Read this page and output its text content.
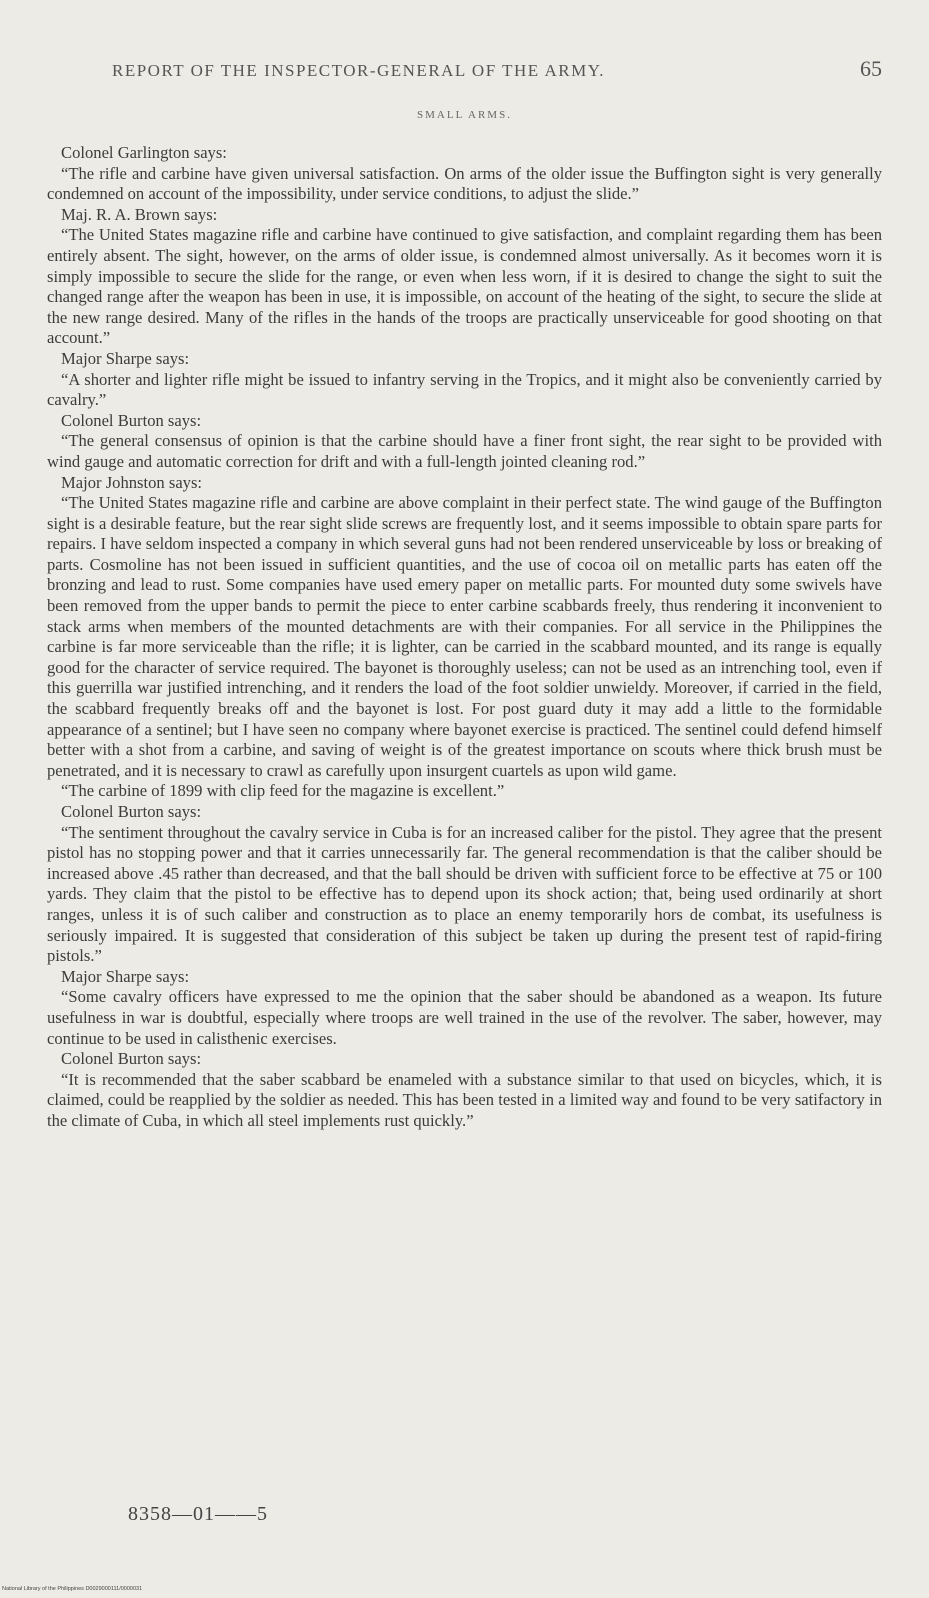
REPORT OF THE INSPECTOR-GENERAL OF THE ARMY.	65
SMALL ARMS.

Colonel Garlington says:

“The rifle and carbine have given universal satisfaction. On arms of the older issue the Buffington sight is very generally condemned on account of the impossibility, under service conditions, to adjust the slide.”

Maj. R. A. Brown says:

“The United States magazine rifle and carbine have continued to give satisfaction, and complaint regarding them has been entirely absent. The sight, however, on the arms of older issue, is condemned almost universally. As it becomes worn it is simply impossible to secure the slide for the range, or even when less worn, if it is desired to change the sight to suit the changed range after the weapon has been in use, it is impossible, on account of the heating of the sight, to secure the slide at the new range desired. Many of the rifles in the hands of the troops are practically unserviceable for good shooting on that account.”

Major Sharpe says:

“A shorter and lighter rifle might be issued to infantry serving in the Tropics, and it might also be conveniently carried by cavalry.”

Colonel Burton says:

“The general consensus of opinion is that the carbine should have a finer front sight, the rear sight to be provided with wind gauge and automatic correction for drift and with a full-length jointed cleaning rod.”

Major Johnston says:

“The United States magazine rifle and carbine are above complaint in their perfect state. The wind gauge of the Buffington sight is a desirable feature, but the rear sight slide screws are frequently lost, and it seems impossible to obtain spare parts for repairs. I have seldom inspected a company in which several guns had not been rendered unserviceable by loss or breaking of parts. Cosmoline has not been issued in sufficient quantities, and the use of cocoa oil on metallic parts has eaten off the bronzing and lead to rust. Some companies have used emery paper on metallic parts. For mounted duty some swivels have been removed from the upper bands to permit the piece to enter carbine scabbards freely, thus rendering it inconvenient to stack arms when members of the mounted detachments are with their companies. For all service in the Philippines the carbine is far more serviceable than the rifle; it is lighter, can be carried in the scabbard mounted, and its range is equally good for the character of service required. The bayonet is thoroughly useless; can not be used as an intrenching tool, even if this guerrilla war justified intrenching, and it renders the load of the foot soldier unwieldy. Moreover, if carried in the field, the scabbard frequently breaks off and the bayonet is lost. For post guard duty it may add a little to the formidable appearance of a sentinel; but I have seen no company where bayonet exercise is practiced. The sentinel could defend himself better with a shot from a carbine, and saving of weight is of the greatest importance on scouts where thick brush must be penetrated, and it is necessary to crawl as carefully upon insurgent cuartels as upon wild game.

“The carbine of 1899 with clip feed for the magazine is excellent.”

Colonel Burton says:

“The sentiment throughout the cavalry service in Cuba is for an increased caliber for the pistol. They agree that the present pistol has no stopping power and that it carries unnecessarily far. The general recommendation is that the caliber should be increased above .45 rather than decreased, and that the ball should be driven with sufficient force to be effective at 75 or 100 yards. They claim that the pistol to be effective has to depend upon its shock action; that, being used ordinarily at short ranges, unless it is of such caliber and construction as to place an enemy temporarily hors de combat, its usefulness is seriously impaired. It is suggested that consideration of this subject be taken up during the present test of rapid-firing pistols.”

Major Sharpe says:

“Some cavalry officers have expressed to me the opinion that the saber should be abandoned as a weapon. Its future usefulness in war is doubtful, especially where troops are well trained in the use of the revolver. The saber, however, may continue to be used in calisthenic exercises.

Colonel Burton says:

“It is recommended that the saber scabbard be enameled with a substance similar to that used on bicycles, which, it is claimed, could be reapplied by the soldier as needed. This has been tested in a limited way and found to be very satifactory in the climate of Cuba, in which all steel implements rust quickly.”

8358—01——5
National Library of the Philippines D0029000111/0000031
